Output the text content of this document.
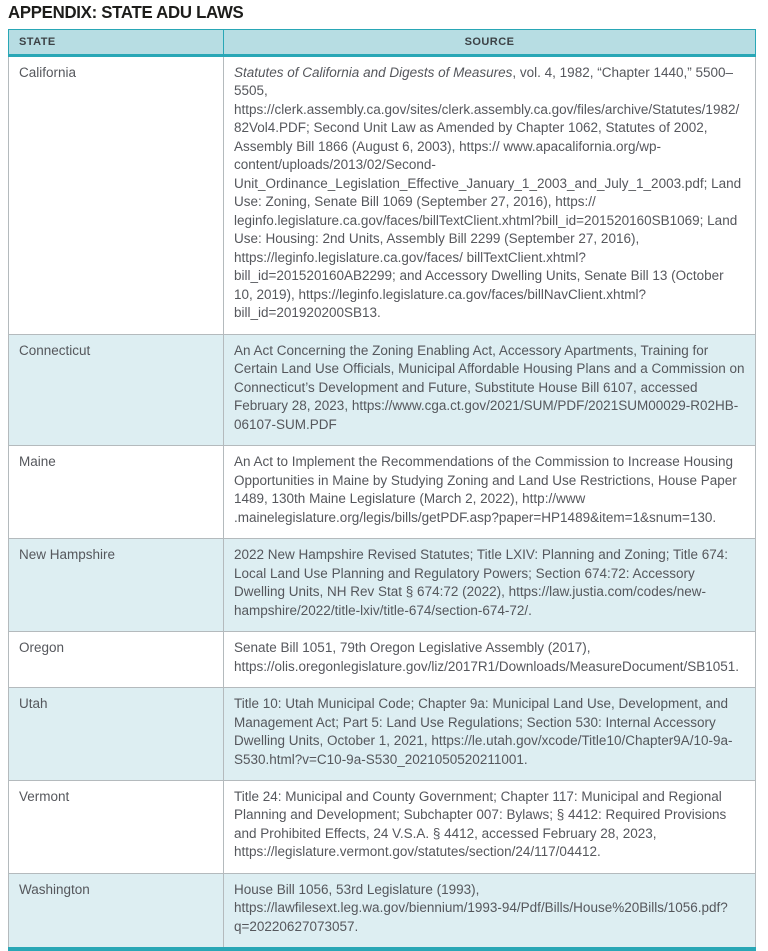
APPENDIX: STATE ADU LAWS
STATE	SOURCE
California	Statutes of California and Digests of Measures, vol. 4, 1982, “Chapter 1440,” 5500–5505, https://clerk.assembly.ca.gov/sites/clerk.assembly.ca.gov/files/archive/Statutes/1982/82Vol4.PDF; Second Unit Law as Amended by Chapter 1062, Statutes of 2002, Assembly Bill 1866 (August 6, 2003), https:// www.apacalifornia.org/wp-content/uploads/2013/02/Second-Unit_Ordinance_Legislation_Effective_January_1_2003_and_July_1_2003.pdf; Land Use: Zoning, Senate Bill 1069 (September 27, 2016), https:// leginfo.legislature.ca.gov/faces/billTextClient.xhtml?bill_id=201520160SB1069; Land Use: Housing: 2nd Units, Assembly Bill 2299 (September 27, 2016), https://leginfo.legislature.ca.gov/faces/ billTextClient.xhtml?bill_id=201520160AB2299; and Accessory Dwelling Units, Senate Bill 13 (October 10, 2019), https://leginfo.legislature.ca.gov/faces/billNavClient.xhtml?bill_id=201920200SB13.
Connecticut	An Act Concerning the Zoning Enabling Act, Accessory Apartments, Training for Certain Land Use Officials, Municipal Affordable Housing Plans and a Commission on Connecticut’s Development and Future, Substitute House Bill 6107, accessed February 28, 2023, https://www.cga.ct.gov/2021/SUM/PDF/2021SUM00029-R02HB-06107-SUM.PDF
Maine	An Act to Implement the Recommendations of the Commission to Increase Housing Opportunities in Maine by Studying Zoning and Land Use Restrictions, House Paper 1489, 130th Maine Legislature (March 2, 2022), http://www .mainelegislature.org/legis/bills/getPDF.asp?paper=HP1489&item=1&snum=130.
New Hampshire	2022 New Hampshire Revised Statutes; Title LXIV: Planning and Zoning; Title 674: Local Land Use Planning and Regulatory Powers; Section 674:72: Accessory Dwelling Units, NH Rev Stat § 674:72 (2022), https://law.justia.com/codes/new-hampshire/2022/title-lxiv/title-674/section-674-72/.
Oregon	Senate Bill 1051, 79th Oregon Legislative Assembly (2017), https://olis.oregonlegislature.gov/liz/2017R1/Downloads/MeasureDocument/SB1051.
Utah	Title 10: Utah Municipal Code; Chapter 9a: Municipal Land Use, Development, and Management Act; Part 5: Land Use Regulations; Section 530: Internal Accessory Dwelling Units, October 1, 2021, https://le.utah.gov/xcode/Title10/Chapter9A/10-9a-S530.html?v=C10-9a-S530_2021050520211001.
Vermont	Title 24: Municipal and County Government; Chapter 117: Municipal and Regional Planning and Development; Subchapter 007: Bylaws; § 4412: Required Provisions and Prohibited Effects, 24 V.S.A. § 4412, accessed February 28, 2023, https://legislature.vermont.gov/statutes/section/24/117/04412.
Washington	House Bill 1056, 53rd Legislature (1993), https://lawfilesext.leg.wa.gov/biennium/1993-94/Pdf/Bills/House%20Bills/1056.pdf?q=20220627073057.
